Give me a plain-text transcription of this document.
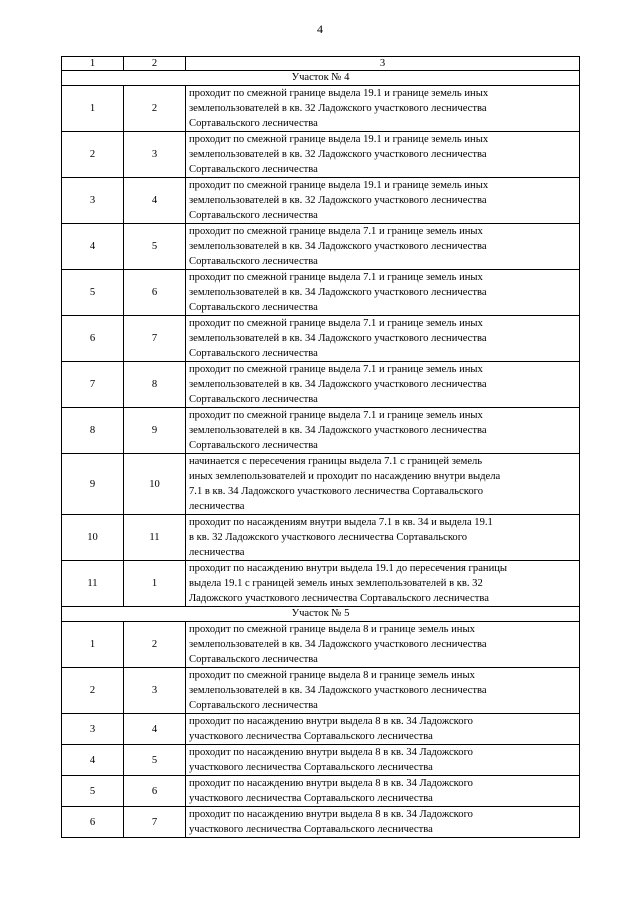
4
1	2	3
Участок № 4		
1	2	проходит по смежной границе выдела 19.1 и границе земель иных
землепользователей в кв. 32 Ладожского участкового лесничества
Сортавальского лесничества

2	3	проходит по смежной границе выдела 19.1 и границе земель иных
землепользователей в кв. 32 Ладожского участкового лесничества
Сортавальского лесничества

3	4	проходит по смежной границе выдела 19.1 и границе земель иных
землепользователей в кв. 32 Ладожского участкового лесничества
Сортавальского лесничества

4	5	проходит по смежной границе выдела 7.1 и границе земель иных
землепользователей в кв. 34 Ладожского участкового лесничества
Сортавальского лесничества

5	6	проходит по смежной границе выдела 7.1 и границе земель иных
землепользователей в кв. 34 Ладожского участкового лесничества
Сортавальского лесничества

6	7	проходит по смежной границе выдела 7.1 и границе земель иных
землепользователей в кв. 34 Ладожского участкового лесничества
Сортавальского лесничества

7	8	проходит по смежной границе выдела 7.1 и границе земель иных
землепользователей в кв. 34 Ладожского участкового лесничества
Сортавальского лесничества

8	9	проходит по смежной границе выдела 7.1 и границе земель иных
землепользователей в кв. 34 Ладожского участкового лесничества
Сортавальского лесничества

9	10	начинается с пересечения границы выдела 7.1 с границей земель
иных землепользователей и проходит по насаждению внутри выдела
7.1 в кв. 34 Ладожского участкового лесничества Сортавальского
лесничества

10	11	проходит по насаждениям внутри выдела 7.1 в кв. 34 и выдела 19.1
в кв. 32 Ладожского участкового лесничества Сортавальского
лесничества

11	1	проходит по насаждению внутри выдела 19.1 до пересечения границы
выдела 19.1 с границей земель иных землепользователей в кв. 32
Ладожского участкового лесничества Сортавальского лесничества

Участок № 5		
1	2	проходит по смежной границе выдела 8 и границе земель иных
землепользователей в кв. 34 Ладожского участкового лесничества
Сортавальского лесничества

2	3	проходит по смежной границе выдела 8 и границе земель иных
землепользователей в кв. 34 Ладожского участкового лесничества
Сортавальского лесничества

3	4	проходит по насаждению внутри выдела 8 в кв. 34 Ладожского
участкового лесничества Сортавальского лесничества

4	5	проходит по насаждению внутри выдела 8 в кв. 34 Ладожского
участкового лесничества Сортавальского лесничества

5	6	проходит по насаждению внутри выдела 8 в кв. 34 Ладожского
участкового лесничества Сортавальского лесничества

6	7	проходит по насаждению внутри выдела 8 в кв. 34 Ладожского
участкового лесничества Сортавальского лесничества
